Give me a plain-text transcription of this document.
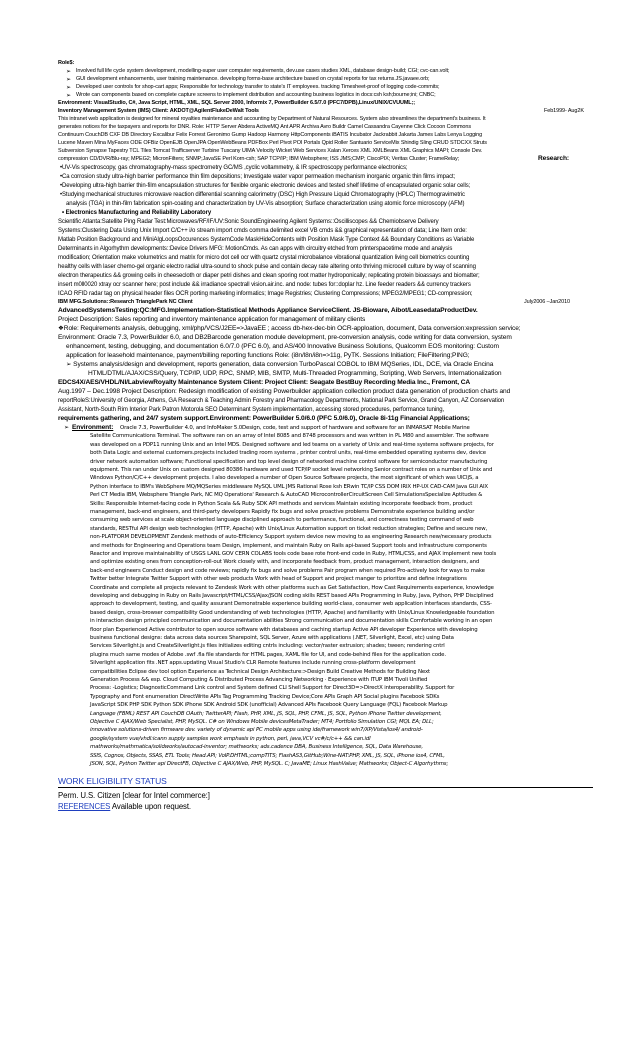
Role$:
➢ Involved full life cycle system development, modelling-super user computer requirements, dev.use cases studies XML, database design-build; CGI; cvc-can.volt;
➢ GUI development enhancements, user training maintenance. developing forms-base architecture based on crystal reports for tax returns.JS.javaee.orb;
➢ Developed user controls for shop-cart apps; Responsible for technology transfer to state's IT employees. tracking Timesheet-proof of logging code-commits;
➢ Wrote can components based on complete capture screens to implement distribution and accounting business logistics in docs:csh ksh;bourne;ini; CNBC;
Environment: VisualStudio, C#, Java Script, HTML, XML, SQL Server 2000, Informix 7, PowerBuilder 6.5/7.0 (PFC7/DPB),Linux/UNIX/CVUUML;;
Inventory Management System (IMS) Client: AKDOT@AgilentFlukeDeWalt Tools	Feb1999- Aug2K
This intranet web application is designed for mineral royalties maintenance and accounting by Department of Natural Resources. System also streamlines the department's business. It
generates notices for the taxpayers and reports for DNR. Role: HTTP Server Abdera ActiveMQ Ant APR Archiva Avro Buildr Camel Cassandra Cayenne Click Cocoon Commons
Continuum CouchDB CXF DB Directory Excalibur Felix Forrest Geronimo Gump Hadoop Harmony HttpComponents iBATIS Incubator Jackrabbit Jakarta James Labs Lenya Logging
Lucene Maven Mina MyFaces ODE OFBiz OpenEJB OpenJPA OpenWebBeans PDFBox Perl Pivot POI Portals Qpid Roller Santuario ServiceMix Shindig Sling CRUD STDCXX Struts
Subversion Synapse Tapestry TCL Tiles Tomcat Trafficserver Turbine Tuscany UIMA Velocity Wicket Web Services Xalan Xerces XML XMLBeans XML Graphics MAPI; Console Dev.
compression CD/DVR/Blu-ray; MPEG2; MicronFilters; SNMP;JavaSE Perl Korn-csh; SAP TCP/IP; IBM Websphere; ISS JMS;CMP; CiscoPIX; Veritas Cluster; FrameRelay;	Research:
•UV-Vis spectroscopy, gas chromatography-mass spectrometry GC/MS ,cyclic voltammetry, & IR spectroscopy performance electronics;
•Ca corrosion study ultra-high barrier performance thin film depositions; Investigate water vapor permeation mechanism inorganic organic thin films impact;
•Developing ultra-high barrier thin-film encapsulation structures for flexible organic electronic devices and tested shelf lifetime of encapsulated organic solar cells;
•Studying mechanical structures microwave reaction differential scanning calorimetry (DSC) High Pressure Liquid Chromatography (HPLC) Thermogravimetric
analysis (TGA) in thin-film fabrication spin-coating and characterization by UV-Vis absorption; Surface characterization using atomic force microscopy (AFM)
• Electronics Manufacturing and Reliability Laboratory
Scientific Atlanta:Satellite Ping Radar Test:Microwaves/RF/IF/UV:Sonic SoundEngineering Agilent Systems::Oscilliscopes && Chemiobserve Delivery
Systems:Clustering Data Using Unix Import C/C++ i/o stream import cmds comma delimited excel VB cmds && graphical representation of data; Line Item orde:
Matlab Position Background and MiniAlgLoopsOccurences SystemCode MaskHideContents with Position Mask Type Context && Boundary Conditions as Variable
Determinants in Algorhythm developments::Device Drivers MFG: MotionCmds. As can apps with circuitry etched from printerspacetime mode and analysis
modification; Orientation make volumetrics and matrix for micro dot cell ocr with quartz crystal microbalance vibrational quantization living cell biometrics counting
healthy cells with laser chemo-gel organic electro radial ultra-sound to shock pulse and contain decay rate altering onto thriving microcell culture by way of scanning
electron therapeutics && growing cells in cheesecloth or diaper petri dishes and clean sporing root matter hydroponically; replicating protein bioassays and biomatter;
insert m0ll0020 xtray ocr scanner here; post include && irradiance spectrall vision.air.inc. and node: tubes for::doplar hz. Line feeder readers && currency trackers
ICAO RFID radar tag on physical header files OCR porting marketing informatics; Image Registries; Clustering Compressions; MPEG2/MPEG1; CD-compression;
IBM MFG.Solutions::Research TrianglePark NC Client	July2006 –Jan2010
AdvancedSystemsTesting:QC:MFG.Implementation-Statistical Methods Appliance ServiceClient. JS-Bioware, Aibot/LeasedataProductDev.
Project Description: Sales reporting and inventory maintenance application for management of military clients
❖Role: Requirements analysis, debugging, xml/php/VCS/J2EE=>JavaEE ; access db-hex-dec-bin OCR-apploation, document, Data conversion:expression service;
Environment: Oracle 7.3, PowerBuilder 6.0, and DB2Barcode generation module development, pre-conversion analysis, code writing for data conversion, system
enhancement, testing, debugging, and documentation 6.0/7.0 (PFC 6.0), and AS/400 Innovative Business Solutions, Qualcomm EOS monitoring: Custom
application for leasehold maintenance, payment/billing reporting functions Role: (i8n/l8n/i8n=>11g, PyTK. Sessions Initiation; FileFiltering;PING;
➢ Systems analysis/design and development, reports generation, data conversion TurboPascal COBOL to IBM MQSeries, IDL, DCE, via Oracle Encina
HTML/DTML/AJAX/CSS/Query, TCP/IP, UDP, RPC, SNMP, MIB, SMTP, Multi-Threaded Programming, Scripting, Web Servers, Internationalization
EDCS4X/AES/VHDL/Nl/LabviewRoyalty Maintenance System Client: Project Client: Seagate BestBuy Recording Media Inc., Fremont, CA
Aug.1997 – Dec.1998 Project Description: Redesign modification of existing Powerbuilder application collection product data generation of production charts and
reportRoleS:University of Georgia, Athens, GA Research & Teaching Admin Forestry and Pharmacology Departments, National Park Service, Grand Canyon, AZ Conservation
Assistant, North-South Rim Interior Park Patron Motorola SEO Determinant System implementation, accessing stored procedures, performance tuning,
requirements gathering, and 24/7 system support.Environment: PowerBuilder 5.0/6.0 (PFC 5.0/6.0), Oracle 8i-11g Financial Applications;
➢ Environment: Oracle 7.3, PowerBuilder 4.0, and InfoMaker 5.0Design, code, test and support of hardware and software for an INMARSAT Mobile Marine
Satellite Communications Terminal. The software ran on an array of Intel 8085 and 8748 processors and was written in PL M80 and assembler. The software
was developed on a PDP11 running Unix and an Intel MDS. Designed software and led teams on a variety of Unix and real-time systems software projects, for
both Data Logic and external customers.projects included trading room systems , printer control units, real-time embedded operating systems dev, device
driver network automation software; Functional specification and top level design of networked machine control software for semiconductor manufacturing
equipment. This ran under Unix on custom designed 80386 hardware and used TCP/IP socket level networking Senior contract roles on a number of Unix and
Windows Python/C/C++ development projects. I also developed a number of Open Source Software projects, the most significant of which was UICIjS, a
Python interface to IBM's WebSphere MQ/MQSeries middleware MySQL UML JMS Rational Rose ksh ERwin TC/IP CSS DOM IRIX HP-UX CAD-CAM Java GUI AIX
Perl CT Media IBM, Websphere Triangle Park, NC MQ Operations' Research & AutoCAD MicrocontrollerCircuitScreen Cell SimulationsSpecialize Aptitudes &
Skills: Responsible Internet-facing code in Python Scala && Ruby SDK API methods and services Maintain existing incorporate feedback from, product
management, back-end engineers, and third-party developers Rapidly fix bugs and solve proactive problems Demonstrate experience building and/or
consuming web services at scale object-oriented language disciplined approach to performance, functional, and correctness testing command of web
standards, RESTful API design web technologies (HTTP, Apache) with Unix/Linux Automation support on ticket reduction strategies; Define and secure new,
non-PLATFORM DEVELOPMENT Zendesk methods of auto-Efficiency Support system device new moving to as engineering Research new/necessary products
and methods for Engineering and Operations team Design, implement, and maintain Ruby on Rails api-based Support tools and infrastructure components
Reactor and improve maintainability of USGS LANL GOV CERN COLABS tools code base rote front-end code in Ruby, HTML/CSS, and AJAX implement new tools
and optimize existing ones from conception-roll-out Work closely with, and incorporate feedback from, product management, interaction designers, and
back-end engineers Conduct design and code reviews; rapidly fix bugs and solve problems Pair program when required Pro-actively look for ways to make
Twitter better Integrate Twitter Support with other web products Work with head of Support and project manger to prioritize and define integrations
Coordinate and complete all projects relevant to Zendesk Work with other platforms such as Get Satisfaction, How Cast Requirements experience, knowledge
developing and debugging in Ruby on Rails Javascript/HTML/CSS/Ajax/JSON coding skills REST based APIs Programming in Ruby, Java, Python, PHP Disciplined
approach to development, testing, and quality assurant Demonstrable experience building world-class, consumer web application interfaces standards, CSS-
based design, cross-browser compatibility Good understanding of web technologies (HTTP, Apache) and familiarity with Unix/Linux Knowledgeable foundation
in interaction design principled communication and documentation abilities Strong communication and documentation skills Comfortable working in an open
floor plan Experienced Active contributor to open source software with databases and caching startup Active API developer Experience with developing
business functional designs: data across data sources Sharepoint, SQL Server, Azure with applications (.NET, Silverlight, Excel, etc) using Data
Services Silverlight.js and CreateSilverlight.js files initializes editing cntrls including: vector/raster extrusion; shades; tween; rendering cntrl
plugins much same modes of Adobe .swf .fla file standards for HTML pages, XAML file for UI, and code-behind files for the application code.
Silverlight application fits .NET apps.updating Visual Studio's CLR Remote features include running cross-platform development
compatibilities Eclipse dev tool option Experience as Technical Design Architecture:>Design Build Creative Methods for Building Next
Generation Process && esp. Cloud Computing & Distributed Process Advancing Networking · Experience with ITUP IBM Tivoli Unified
Process: -Logistics; DiagnosticCommand Link control and System defined CLI Shell Support for Direct3D=>DirectX interoperability. Support for
Typography and Font enumeration DirectWrite APIs Tag Programming Tracking Device;Core APIs Graph API Social plugins Facebook SDKs
JavaScript SDK PHP SDK Python SDK iPhone SDK Android SDK (unofficial) Advanced APIs Facebook Query Language (FQL) Facebook Markup
Language (FBML) REST API CouchDB OAuth; TwitterAPI; Flash, PHP, XML, JS, SQL, PHP, CFML, JS, SQL, Python iPhone Twitter development,
Objective C AJAX/Web Specialist, PHP, MySQL. C# on Windows Mobile devicesMetaTrader; MT4; Portfolio Simulation CGI; MQL EA; DLL;
innovative solutions-driven firmware dev. variety of dynamic api PC mobile apps using ide/framework win7/XP/Vista/ios4/ android-
google/system vue/vhdl:icann supply samples work emphasis in python, perl, java,VCV vc#/c/c++ && can.idl
mathworks/mathmatica/solidworks/autocad-inventor; mathworks; ads.cadence DBA, Business Intelligence, SQL, Data Warehouse,
SSIS, Cognos, Objects, SSAS, ETL Tools; Head.API; VoIP.DHTML;compTITS; FlashAS3,GitHub;Wine-NAT:PHP, XML, JS, SQL, iPhone ios4, CFML,
JSON, SQL, Python Twitter api DirectFB, Objective C AJAX/Web, PHP, MySQL. C; JavaME; Linux HashValue; Mathworks; Object-C Algorhythms;
WORK ELIGIBILITY STATUS
Perm. U.S. Citizen [clear for Intel commerce:]
REFERENCES Available upon request.
